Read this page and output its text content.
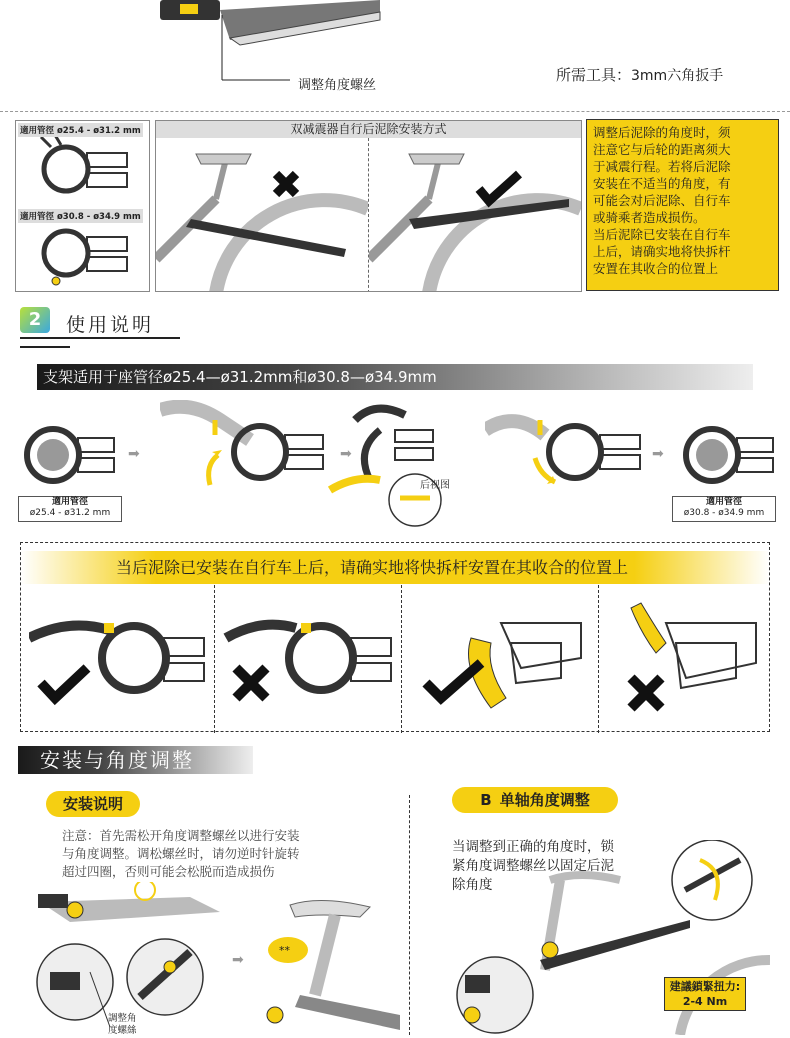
调整角度螺丝
所需工具：3mm六角扳手
適用管徑 ø25.4 - ø31.2 mm
適用管徑 ø30.8 - ø34.9 mm
双减震器自行后泥除安装方式	调整后泥除的角度时，须
注意它与后轮的距离须大
于减震行程。若将后泥除
安装在不适当的角度，有
可能会对后泥除、自行车
或骑乘者造成损伤。
当后泥除已安装在自行车
上后，请确实地将快拆杆
安置在其收合的位置上
2	使用说明
支架适用于座管径ø25.4—ø31.2mm和ø30.8—ø34.9mm
適用管徑
ø25.4 - ø31.2 mm
➡	➡
后视图
➡
適用管徑
ø30.8 - ø34.9 mm
当后泥除已安装在自行车上后，请确实地将快拆杆安置在其收合的位置上
安装与角度调整
安装说明
注意：首先需松开角度调整螺丝以进行安装
与角度调整。调松螺丝时，请勿逆时针旋转
超过四圈，否则可能会松脱而造成损伤
調整角
度螺絲
➡
**
B 单轴角度调整
当调整到正确的角度时，锁
紧角度调整螺丝以固定后泥
除角度
建議鎖緊扭力:
2-4 Nm
